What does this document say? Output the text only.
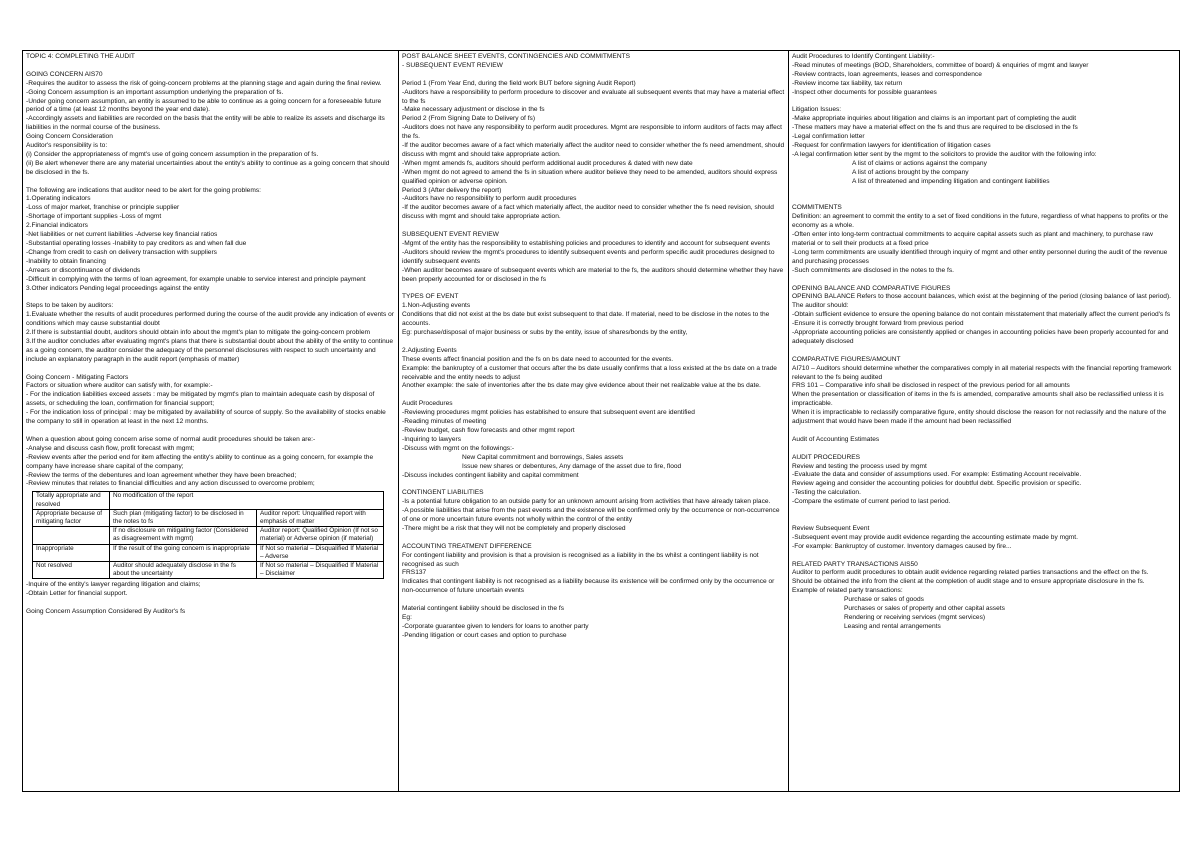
TOPIC 4: COMPLETING THE AUDIT

GOING CONCERN AIS70

-Requires the auditor to assess the risk of going-concern problems at the planning stage and again during the final review.

-Going Concern assumption is an important assumption underlying the preparation of fs.

-Under going concern assumption, an entity is assumed to be able to continue as a going concern for a foreseeable future period of a time (at least 12 months beyond the year end date).

-Accordingly assets and liabilities are recorded on the basis that the entity will be able to realize its assets and discharge its liabilities in the normal course of the business.

Going Concern Consideration

Auditor's responsibility is to:

(i) Consider the appropriateness of mgmt's use of going concern assumption in the preparation of fs.

(ii) Be alert whenever there are any material uncertainties about the entity's ability to continue as a going concern that should be disclosed in the fs.

The following are indications that auditor need to be alert for the going problems:

1.Operating indicators

-Loss of major market, franchise or principle supplier

-Shortage of important supplies -Loss of mgmt

2.Financial indicators

-Net liabilities or net current liabilities -Adverse key financial ratios

-Substantial operating losses -Inability to pay creditors as and when fall due

-Change from credit to cash on delivery transaction with suppliers

-Inability to obtain financing

-Arrears or discontinuance of dividends

-Difficult in complying with the terms of loan agreement, for example unable to service interest and principle payment

3.Other indicators Pending legal proceedings against the entity

Steps to be taken by auditors:

1.Evaluate whether the results of audit procedures performed during the course of the audit provide any indication of events or conditions which may cause substantial doubt

2.If there is substantial doubt, auditors should obtain info about the mgmt's plan to mitigate the going-concern problem

3.If the auditor concludes after evaluating mgmt's plans that there is substantial doubt about the ability of the entity to continue as a going concern, the auditor consider the adequacy of the personnel disclosures with respect to such uncertainty and include an explanatory paragraph in the audit report (emphasis of matter)

Going Concern - Mitigating Factors

Factors or situation where auditor can satisfy with, for example:-

- For the indication liabilities exceed assets : may be mitigated by mgmt's plan to maintain adequate cash by disposal of assets, or scheduling the loan, confirmation for financial support;

- For the indication loss of principal : may be mitigated by availability of source of supply. So the availability of stocks enable the company to still in operation at least in the next 12 months.

When a question about going concern arise some of normal audit procedures should be taken are:-

-Analyse and discuss cash flow, profit forecast with mgmt;

-Review events after the period end for item affecting the entity's ability to continue as a going concern, for example the company have increase share capital of the company;

-Review the terms of the debentures and loan agreement whether they have been breached;

-Review minutes that relates to financial difficulties and any action discussed to overcome problem;

Totally appropriate and resolved	No modification of the report	
Appropriate because of mitigating factor	Such plan (mitigating factor) to be disclosed in the notes to fs	Auditor report: Unqualified report with emphasis of matter
	If no disclosure on mitigating factor (Considered as disagreement with mgmt)	Auditor report: Qualified Opinion (If not so material) or Adverse opinion (if material)
Inappropriate	If the result of the going concern is inappropriate	If Not so material – Disqualified If Material – Adverse
Not resolved	Auditor should adequately disclose in the fs about the uncertainty	If Not so material – Disqualified If Material – Disclaimer

-Inquire of the entity's lawyer regarding litigation and claims;

-Obtain Letter for financial support.

Going Concern Assumption Considered By Auditor's fs

POST BALANCE SHEET EVENTS, CONTINGENCIES AND COMMITMENTS

- SUBSEQUENT EVENT REVIEW

Period 1 (From Year End, during the field work BUT before signing Audit Report)

-Auditors have a responsibility to perform procedure to discover and evaluate all subsequent events that may have a material effect to the fs

-Make necessary adjustment or disclose in the fs

Period 2 (From Signing Date to Delivery of fs)

-Auditors does not have any responsibility to perform audit procedures. Mgmt are responsible to inform auditors of facts may affect the fs.

-If the auditor becomes aware of a fact which materially affect the auditor need to consider whether the fs need amendment, should discuss with mgmt and should take appropriate action.

-When mgmt amends fs, auditors should perform additional audit procedures & dated with new date

-When mgmt do not agreed to amend the fs in situation where auditor believe they need to be amended, auditors should express qualified opinion or adverse opinion.

Period 3 (After delivery the report)

-Auditors have no responsibility to perform audit procedures

-If the auditor becomes aware of a fact which materially affect, the auditor need to consider whether the fs need revision, should discuss with mgmt and should take appropriate action.

SUBSEQUENT EVENT REVIEW

-Mgmt of the entity has the responsibility to establishing policies and procedures to identify and account for subsequent events

-Auditors should review the mgmt's procedures to identify subsequent events and perform specific audit procedures designed to identify subsequent events

-When auditor becomes aware of subsequent events which are material to the fs, the auditors should determine whether they have been properly accounted for or disclosed in the fs

TYPES OF EVENT

1.Non-Adjusting events

Conditions that did not exist at the bs date but exist subsequent to that date. If material, need to be disclose in the notes to the accounts.

Eg: purchase/disposal of major business or subs by the entity, issue of shares/bonds by the entity,

2.Adjusting Events

These events affect financial position and the fs on bs date need to accounted for the events.

Example: the bankruptcy of a customer that occurs after the bs date usually confirms that a loss existed at the bs date on a trade receivable and the entity needs to adjust

Another example: the sale of inventories after the bs date may give evidence about their net realizable value at the bs date.

Audit Procedures

-Reviewing procedures mgmt policies has established to ensure that subsequent event are identified

-Reading minutes of meeting

-Review budget, cash flow forecasts and other mgmt report

-Inquiring to lawyers

-Discuss with mgmt on the followings:-

New Capital commitment and borrowings, Sales assets

Issue new shares or debentures, Any damage of the asset due to fire, flood

-Discuss includes contingent liability and capital commitment

CONTINGENT LIABILITIES

-Is a potential future obligation to an outside party for an unknown amount arising from activities that have already taken place.

-A possible liabilities that arise from the past events and the existence will be confirmed only by the occurrence or non-occurrence of one or more uncertain future events not wholly within the control of the entity

-There might be a risk that they will not be completely and properly disclosed

ACCOUNTING TREATMENT DIFFERENCE

For contingent liability and provision is that a provision is recognised as a liability in the bs whilst a contingent liability is not recognised as such

FRS137

Indicates that contingent liability is not recognised as a liability because its existence will be confirmed only by the occurrence or non-occurrence of future uncertain events

Material contingent liability should be disclosed in the fs

Eg:

-Corporate guarantee given to lenders for loans to another party

-Pending litigation or court cases and option to purchase

Audit Procedures to Identify Contingent Liability:-

-Read minutes of meetings (BOD, Shareholders, committee of board) & enquiries of mgmt and lawyer

-Review contracts, loan agreements, leases and correspondence

-Review income tax liability, tax return

-Inspect other documents for possible guarantees

Litigation Issues:

-Make appropriate inquiries about litigation and claims is an important part of completing the audit

-These matters may have a material effect on the fs and thus are required to be disclosed in the fs

-Legal confirmation letter

-Request for confirmation lawyers for identification of litigation cases

-A legal confirmation letter sent by the mgmt to the solicitors to provide the auditor with the following info:

A list of claims or actions against the company

A list of actions brought by the company

A list of threatened and impending litigation and contingent liabilities

COMMITMENTS

Definition: an agreement to commit the entity to a set of fixed conditions in the future, regardless of what happens to profits or the economy as a whole.

-Often enter into long-term contractual commitments to acquire capital assets such as plant and machinery, to purchase raw material or to sell their products at a fixed price

-Long term commitments are usually identified through inquiry of mgmt and other entity personnel during the audit of the revenue and purchasing processes

-Such commitments are disclosed in the notes to the fs.

OPENING BALANCE AND COMPARATIVE FIGURES

OPENING BALANCE Refers to those account balances, which exist at the beginning of the period (closing balance of last period).

The auditor should:

-Obtain sufficient evidence to ensure the opening balance do not contain misstatement that materially affect the current period's fs

-Ensure it is correctly brought forward from previous period

-Appropriate accounting policies are consistently applied or changes in accounting policies have been properly accounted for and adequately disclosed

COMPARATIVE FIGURES/AMOUNT

AI710 – Auditors should determine whether the comparatives comply in all material respects with the financial reporting framework relevant to the fs being audited

FRS 101 – Comparative info shall be disclosed in respect of the previous period for all amounts

When the presentation or classification of items in the fs is amended, comparative amounts shall also be reclassified unless it is impracticable.

When it is impracticable to reclassify comparative figure, entity should disclose the reason for not reclassify and the nature of the adjustment that would have been made if the amount had been reclassified

Audit of Accounting Estimates

AUDIT PROCEDURES

Review and testing the process used by mgmt

-Evaluate the data and consider of assumptions used. For example: Estimating Account receivable.

Review ageing and consider the accounting policies for doubtful debt. Specific provision or specific.

-Testing the calculation.

-Compare the estimate of current period to last period.

Review Subsequent Event

-Subsequent event may provide audit evidence regarding the accounting estimate made by mgmt.

-For example: Bankruptcy of customer. Inventory damages caused by fire...

RELATED PARTY TRANSACTIONS AIS50

Auditor to perform audit procedures to obtain audit evidence regarding related parties transactions and the effect on the fs.

Should be obtained the info from the client at the completion of audit stage and to ensure appropriate disclosure in the fs.

Example of related party transactions:

Purchase or sales of goods

Purchases or sales of property and other capital assets

Rendering or receiving services (mgmt services)

Leasing and rental arrangements
